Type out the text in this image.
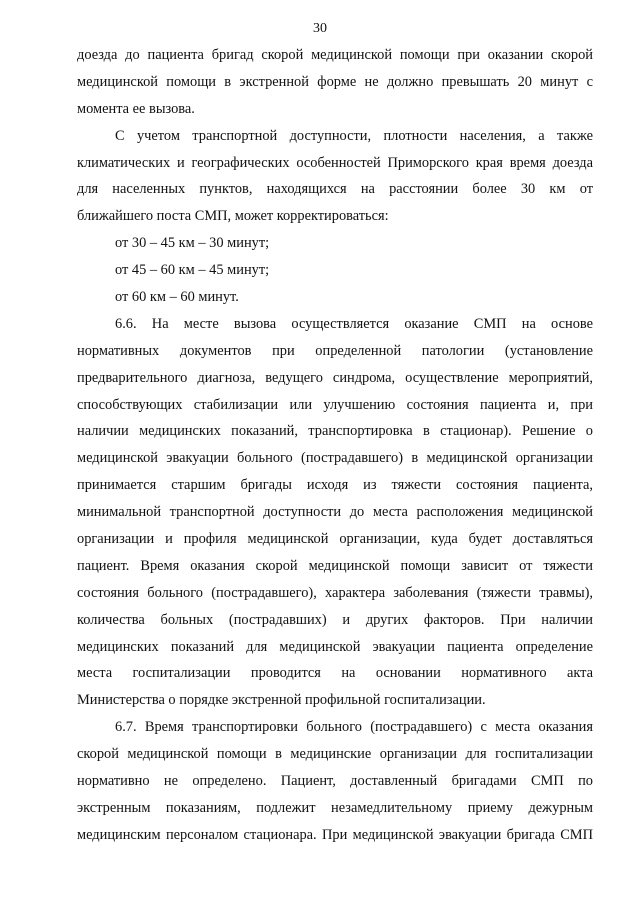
30
доезда до пациента бригад скорой медицинской помощи при оказании скорой
медицинской помощи в экстренной форме не должно превышать 20 минут с
момента ее вызова.
С учетом транспортной доступности, плотности населения, а также
климатических и географических особенностей Приморского края время доезда
для населенных пунктов, находящихся на расстоянии более 30 км от
ближайшего поста СМП, может корректироваться:
от 30 – 45 км – 30 минут;
от 45 – 60 км – 45 минут;
от 60 км – 60 минут.
6.6. На месте вызова осуществляется оказание СМП на основе
нормативных документов при определенной патологии (установление
предварительного диагноза, ведущего синдрома, осуществление мероприятий,
способствующих стабилизации или улучшению состояния пациента и, при
наличии медицинских показаний, транспортировка в стационар). Решение о
медицинской эвакуации больного (пострадавшего) в медицинской организации
принимается старшим бригады исходя из тяжести состояния пациента,
минимальной транспортной доступности до места расположения медицинской
организации и профиля медицинской организации, куда будет доставляться
пациент. Время оказания скорой медицинской помощи зависит от тяжести
состояния больного (пострадавшего), характера заболевания (тяжести травмы),
количества больных (пострадавших) и других факторов. При наличии
медицинских показаний для медицинской эвакуации пациента определение
места госпитализации проводится на основании нормативного акта
Министерства о порядке экстренной профильной госпитализации.
6.7. Время транспортировки больного (пострадавшего) с места оказания
скорой медицинской помощи в медицинские организации для госпитализации
нормативно не определено. Пациент, доставленный бригадами СМП по
экстренным показаниям, подлежит незамедлительному приему дежурным
медицинским персоналом стационара. При медицинской эвакуации бригада СМП
